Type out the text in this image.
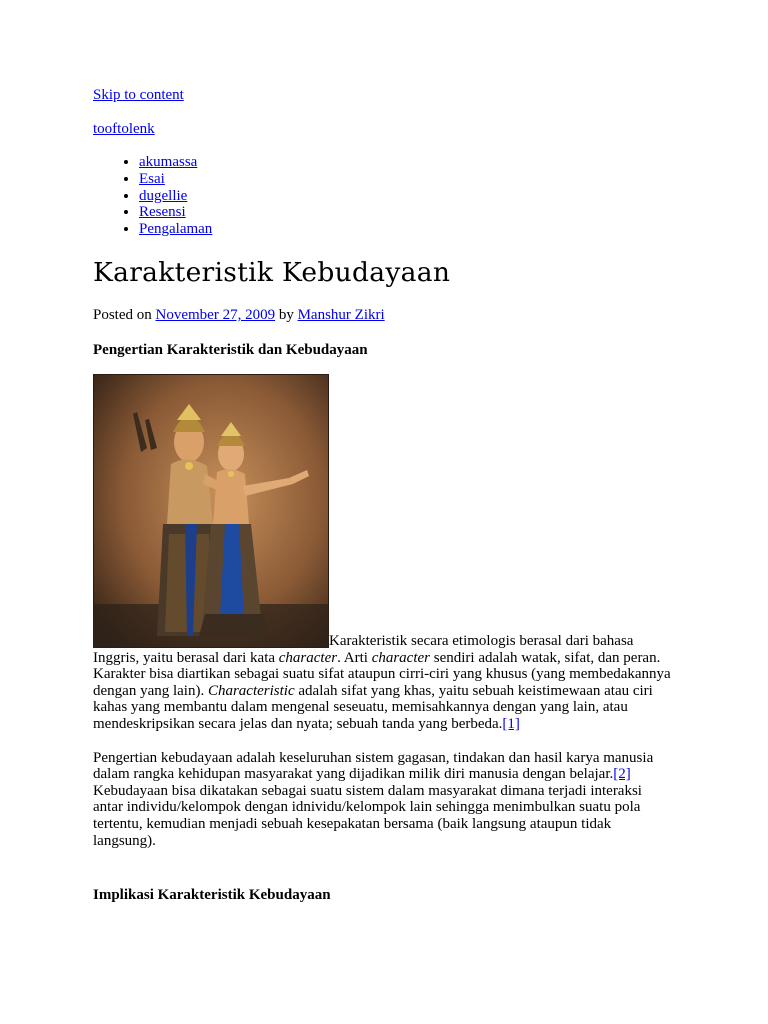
Skip to content
tooftolenk
• akumassa
• Esai
• dugellie
• Resensi
• Pengalaman
Karakteristik Kebudayaan
Posted on November 27, 2009 by Manshur Zikri
Pengertian Karakteristik dan Kebudayaan

Karakteristik secara etimologis berasal dari bahasa Inggris, yaitu berasal dari kata character. Arti character sendiri adalah watak, sifat, dan peran. Karakter bisa diartikan sebagai suatu sifat ataupun cirri-ciri yang khusus (yang membedakannya dengan yang lain). Characteristic adalah sifat yang khas, yaitu sebuah keistimewaan atau ciri kahas yang membantu dalam mengenal seseuatu, memisahkannya dengan yang lain, atau mendeskripsikan secara jelas dan nyata; sebuah tanda yang berbeda.[1]

Pengertian kebudayaan adalah keseluruhan sistem gagasan, tindakan dan hasil karya manusia dalam rangka kehidupan masyarakat yang dijadikan milik diri manusia dengan belajar.[2] Kebudayaan bisa dikatakan sebagai suatu sistem dalam masyarakat dimana terjadi interaksi antar individu/kelompok dengan idnividu/kelompok lain sehingga menimbulkan suatu pola tertentu, kemudian menjadi sebuah kesepakatan bersama (baik langsung ataupun tidak langsung).

Implikasi Karakteristik Kebudayaan
